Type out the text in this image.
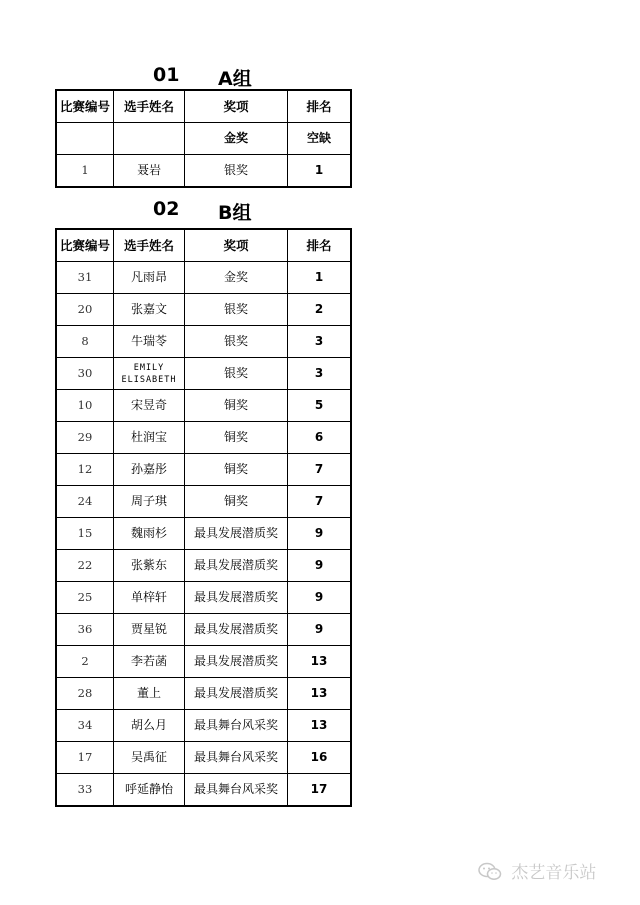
01 A组
比赛编号	选手姓名	奖项	排名
		金奖	空缺
1	聂岩	银奖	1
02 B组
比赛编号	选手姓名	奖项	排名
31	凡雨昂	金奖	1
20	张嘉文	银奖	2
8	牛瑞苓	银奖	3
30	EMILY ELISABETH	银奖	3
10	宋昱奇	铜奖	5
29	杜润宝	铜奖	6
12	孙嘉彤	铜奖	7
24	周子琪	铜奖	7
15	魏雨杉	最具发展潜质奖	9
22	张紫东	最具发展潜质奖	9
25	单梓轩	最具发展潜质奖	9
36	贾星锐	最具发展潜质奖	9
2	李若菡	最具发展潜质奖	13
28	董上	最具发展潜质奖	13
34	胡么月	最具舞台风采奖	13
17	吴禹征	最具舞台风采奖	16
33	呼延静怡	最具舞台风采奖	17
杰艺音乐站
